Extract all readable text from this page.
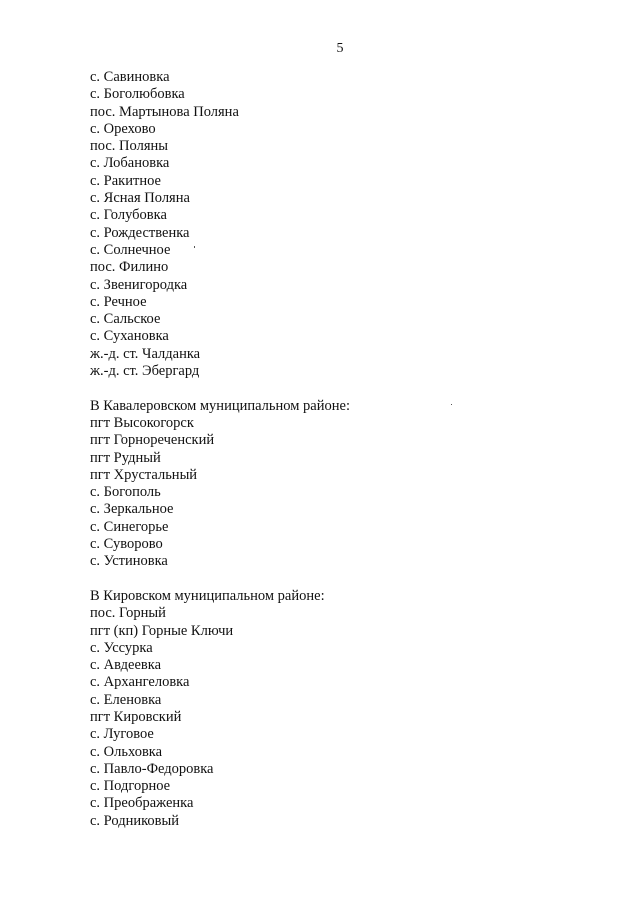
5
с. Савиновка
с. Боголюбовка
пос. Мартынова Поляна
с. Орехово
пос. Поляны
с. Лобановка
с. Ракитное
с. Ясная Поляна
с. Голубовка
с. Рождественка
с. Солнечное
пос. Филино
с. Звенигородка
с. Речное
с. Сальское
с. Сухановка
ж.-д. ст. Чалданка
ж.-д. ст. Эбергард
В Кавалеровском муниципальном районе:
пгт Высокогорск
пгт Горнореченский
пгт Рудный
пгт Хрустальный
с. Богополь
с. Зеркальное
с. Синегорье
с. Суворово
с. Устиновка
В Кировском муниципальном районе:
пос. Горный
пгт (кп) Горные Ключи
с. Уссурка
с. Авдеевка
с. Архангеловка
с. Еленовка
пгт Кировский
с. Луговое
с. Ольховка
с. Павло-Федоровка
с. Подгорное
с. Преображенка
с. Родниковый
